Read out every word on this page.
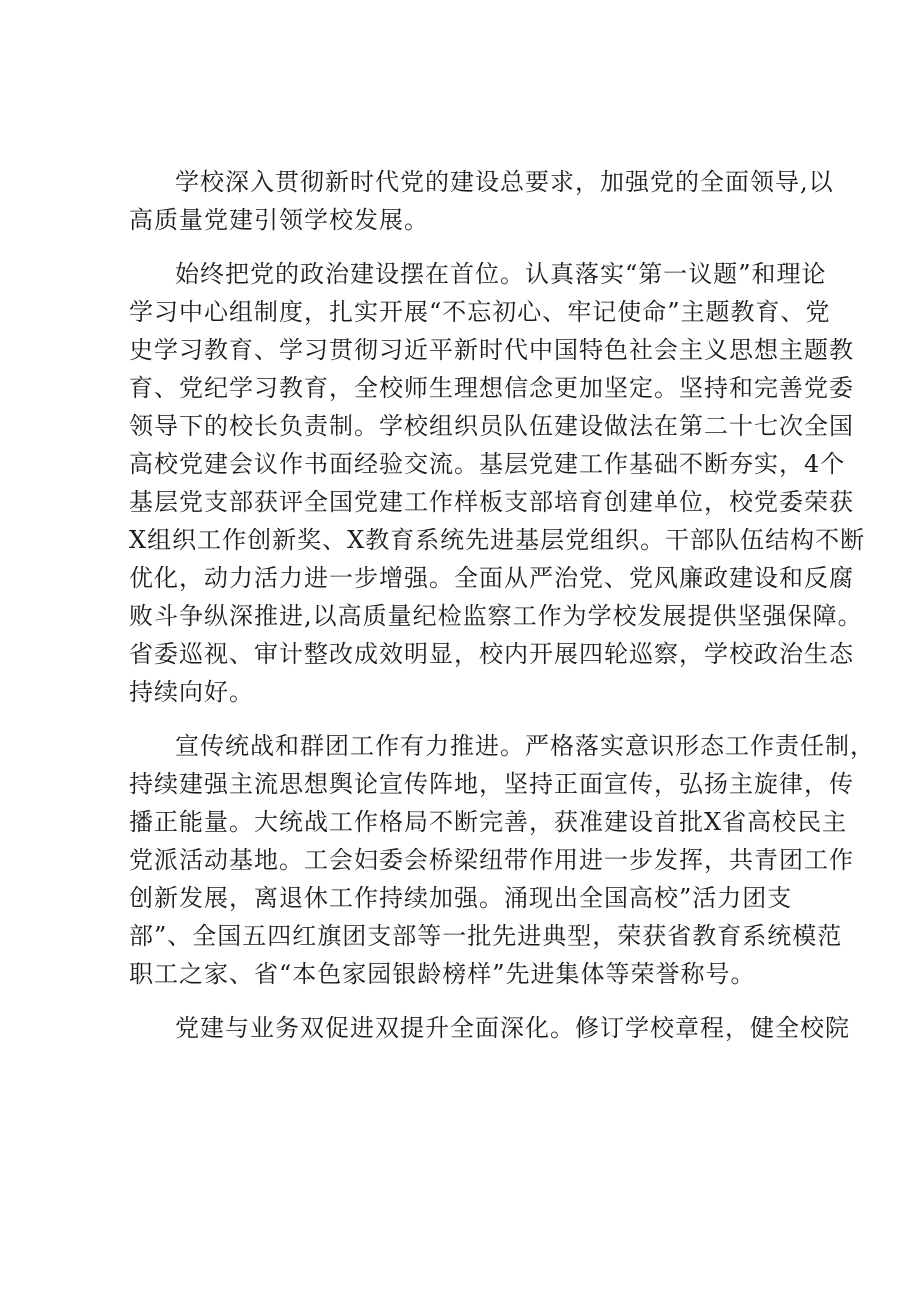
学校深入贯彻新时代党的建设总要求，加强党的全面领导,以
高质量党建引领学校发展。
始终把党的政治建设摆在首位。认真落实“第一议题”和理论
学习中心组制度，扎实开展“不忘初心、牢记使命”主题教育、党
史学习教育、学习贯彻习近平新时代中国特色社会主义思想主题教
育、党纪学习教育，全校师生理想信念更加坚定。坚持和完善党委
领导下的校长负责制。学校组织员队伍建设做法在第二十七次全国
高校党建会议作书面经验交流。基层党建工作基础不断夯实，4个
基层党支部获评全国党建工作样板支部培育创建单位，校党委荣获
X组织工作创新奖、X教育系统先进基层党组织。干部队伍结构不断
优化，动力活力进一步增强。全面从严治党、党风廉政建设和反腐
败斗争纵深推进,以高质量纪检监察工作为学校发展提供坚强保障。
省委巡视、审计整改成效明显，校内开展四轮巡察，学校政治生态
持续向好。
宣传统战和群团工作有力推进。严格落实意识形态工作责任制，
持续建强主流思想舆论宣传阵地，坚持正面宣传，弘扬主旋律，传
播正能量。大统战工作格局不断完善，获准建设首批X省高校民主
党派活动基地。工会妇委会桥梁纽带作用进一步发挥，共青团工作
创新发展，离退休工作持续加强。涌现出全国高校”活力团支
部”、全国五四红旗团支部等一批先进典型，荣获省教育系统模范
职工之家、省“本色家园银龄榜样”先进集体等荣誉称号。
党建与业务双促进双提升全面深化。修订学校章程，健全校院
